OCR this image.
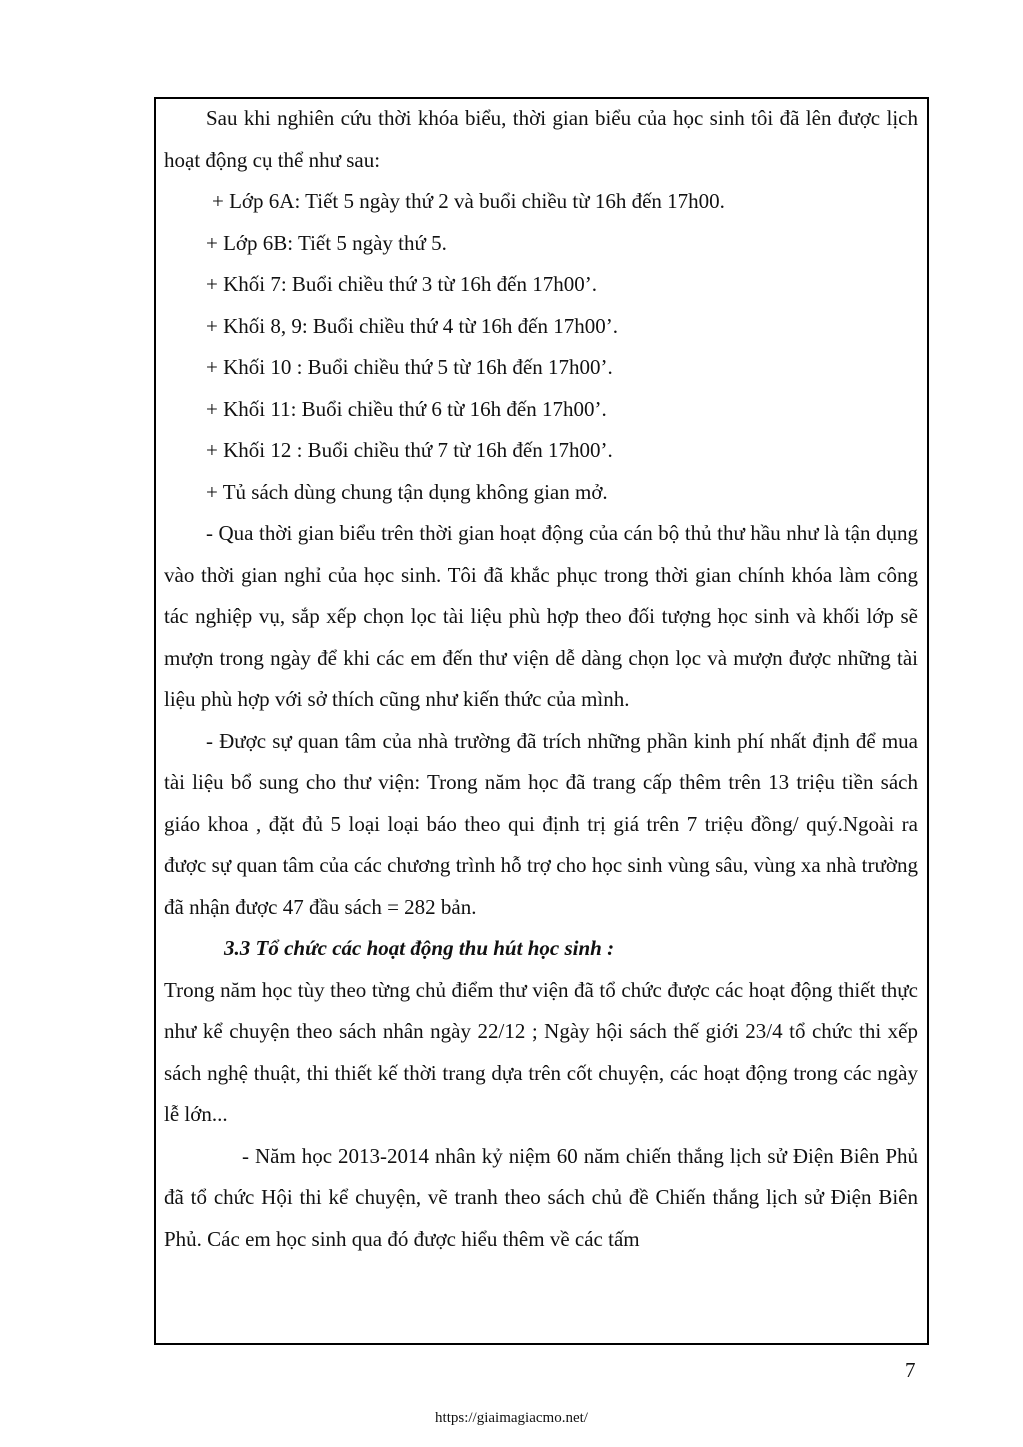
Sau khi nghiên cứu thời khóa biểu, thời gian biểu của học sinh tôi đã lên được lịch hoạt động cụ thể như sau:

+ Lớp 6A: Tiết 5 ngày thứ 2 và buổi chiều từ 16h đến 17h00.

+ Lớp 6B: Tiết 5 ngày thứ 5.

+ Khối 7: Buổi chiều thứ 3 từ 16h đến 17h00’.

+ Khối 8, 9: Buổi chiều thứ 4 từ 16h đến 17h00’.

+ Khối 10 : Buổi chiều thứ 5 từ 16h đến 17h00’.

+ Khối 11: Buổi chiều thứ 6 từ 16h đến 17h00’.

+ Khối 12 : Buổi chiều thứ 7 từ 16h đến 17h00’.

+ Tủ sách dùng chung tận dụng không gian mở.

- Qua thời gian biểu trên thời gian hoạt động của cán bộ thủ thư hầu như là tận dụng vào thời gian nghỉ của học sinh. Tôi đã khắc phục trong thời gian chính khóa làm công tác nghiệp vụ, sắp xếp chọn lọc tài liệu phù hợp theo đối tượng học sinh và khối lớp sẽ mượn trong ngày để khi các em đến thư viện dễ dàng chọn lọc và mượn được những tài liệu phù hợp với sở thích cũng như kiến thức của mình.

- Được sự quan tâm của nhà trường đã trích những phần kinh phí nhất định để mua tài liệu bổ sung cho thư viện: Trong năm học đã trang cấp thêm trên 13 triệu tiền sách giáo khoa , đặt đủ 5 loại loại báo theo qui định trị giá trên 7 triệu đồng/ quý.Ngoài ra được sự quan tâm của các chương trình hỗ trợ cho học sinh vùng sâu, vùng xa nhà trường đã nhận được 47 đầu sách = 282 bản.

3.3 Tổ chức các hoạt động thu hút học sinh :

Trong năm học tùy theo từng chủ điểm thư viện đã tổ chức được các hoạt động thiết thực như kể chuyện theo sách nhân ngày 22/12 ; Ngày hội sách thế giới 23/4 tổ chức thi xếp sách nghệ thuật, thi thiết kế thời trang dựa trên cốt chuyện, các hoạt động trong các ngày lễ lớn...

- Năm học 2013-2014 nhân kỷ niệm 60 năm chiến thắng lịch sử Điện Biên Phủ đã tổ chức Hội thi kể chuyện, vẽ tranh theo sách chủ đề Chiến thắng lịch sử Điện Biên Phủ. Các em học sinh qua đó được hiểu thêm về các tấm

7
https://giaimagiacmo.net/
